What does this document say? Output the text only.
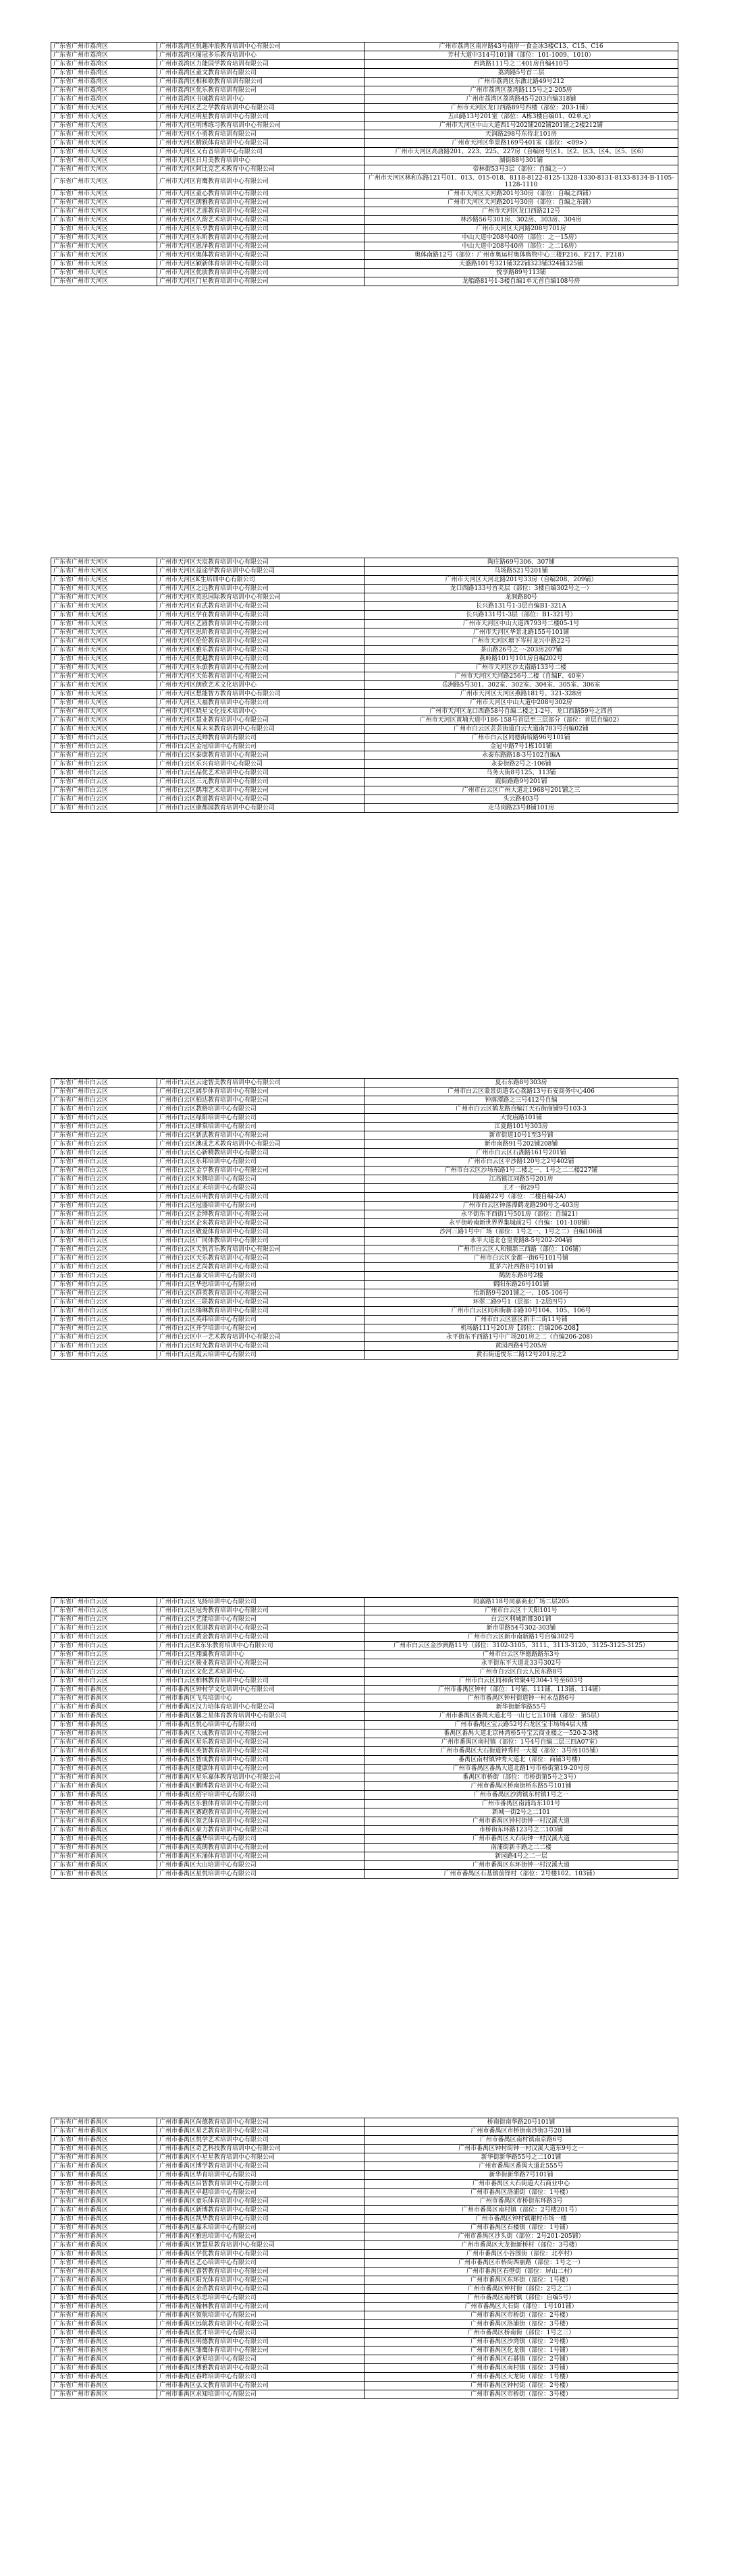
广东省广州市荔湾区	广州市荔湾区悦趣冲浪教育培训中心有限公司	广州市荔湾区南岸路43号南岸一食金冰3楼C13、C15、C16
广东省广州市荔湾区	广州市荔湾区图冠多乐教育培训中心	芳村大道中314号101铺（部位：101-1009、1010）
广东省广州市荔湾区	广州市荔湾区力能国学教育培训有限公司	西湾路111号之二401房自编410号
广东省广州市荔湾区	广州市荔湾区童文教育培训有限公司	荔湾路5号首二层
广东省广州市荔湾区	广州市荔湾区相和歌教育培训有限公司	广州市荔湾区东漖北路49号212
广东省广州市荔湾区	广州市荔湾区优乐教育培训有限公司	广州市荔湾区荔湾路115号之2-205房
广东省广州市荔湾区	广州市荔湾区书城教育培训中心	广州市荔湾区荔湾路45号203自编318铺
广东省广州市天河区	广州市天河区艺之学教育培训中心有限公司	广州市天河区龙口西路89号四楼（部位：203-1铺）
广东省广州市天河区	广州市天河区明星教育培训中心有限公司	五山路13号201室（部位：A栋3楼自编01、02单元）
广东省广州市天河区	广州市天河区明博练习教育培训中心有限公司	广州市天河区中山大道西1号202铺202铺201铺之2楼212铺
广东省广州市天河区	广州市天河区小勇教育培训有限公司	天润路298号东侍北101房
广东省广州市天河区	广州市天河区精跃体育培训中心有限公司	广州市天河区华景路169号401室（部位：<09>）
广东省广州市天河区	广州市天河区又有音培训中心有限公司	广州市天河区高唐路201、223、225、227房（自编房号区1、区2、区3、区4、区5、区6）
广东省广州市天河区	广州市天河区日月美教育培训中心	湖街88号301铺
广东省广州市天河区	广州市天河区阿比克艺术教育中心有限公司	帝林街53号3层（部位：自编之一）
广东省广州市天河区	广州市天河区育鹰教育培训中心有限公司	广州市天河区林和东路121号01、013、015-018、8118-8122-8125-1328-1330-8131-8133-8134-B-1105-1128-1110
广东省广州市天河区	广州市天河区童心教育培训中心有限公司	广州市天河区天河路201号30房（部位：自编之西铺）
广东省广州市天河区	广州市天河区朗雅教育培训中心有限公司	广州市天河区天河路201号30房（部位：自编之东铺）
广东省广州市天河区	广州市天河区艺莲教育培训中心有限公司	广州市天河区龙口西路212号
广东省广州市天河区	广州市天河区久韵艺术培训中心有限公司	林沙路56号301房、302房、303房、304房
广东省广州市天河区	广州市天河区乐享教育培训中心有限公司	广州市天河区天河路208号701房
广东省广州市天河区	广州市天河区乐昕教育培训中心有限公司	中山大道中208号40房（部位：之一15房）
广东省广州市天河区	广州市天河区恩泽教育培训中心有限公司	中山大道中208号40房（部位：之二16房）
广东省广州市天河区	广州市天河区奥体教育培训中心有限公司	奥体南路12号（部位：广州市奥运村奥体购物中心三楼F216、F217、F218）
广东省广州市天河区	广州市天河区颖新体育培训中心有限公司	天盛路101号321铺322铺323铺324铺325铺
广东省广州市天河区	广州市天河区优质教育培训中心有限公司	悦享路89号113铺
广东省广州市天河区	广州市天河区门星教育培训中心有限公司	龙船路81号1-3楼自编1单元首自编108号房
广东省广州市天河区	广州市天河区天宸教育培训中心有限公司	陶庄路69号306、307铺
广东省广州市天河区	广州市天河区益途学教育培训中心有限公司	马场路521号201铺
广东省广州市天河区	广州市天河区K生培训中心有限公司	广州市天河区天河北路201号33房（自编208、209铺）
广东省广州市天河区	广州市天河区之远教育培训中心有限公司	龙口西路133号首夹层（部位：3楼自编302号之一）
广东省广州市天河区	广州市天河区英思国际教育培训中心有限公司	龙洞路80号
广东省广州市天河区	广州市天河区育武教育培训中心有限公司	长兴路131号1-3层自编B1-321A
广东省广州市天河区	广州市天河区学在教育培训中心有限公司	长兴路131号1-3层（部位：B1-321号）
广东省广州市天河区	广州市天河区艺圆教育培训中心有限公司	广州市天河区中山大道西793号二楼05-1号
广东省广州市天河区	广州市天河区思阶教育培训中心有限公司	广州市天河区华景北路155号101铺
广东省广州市天河区	广州市天河区伦伦教育培训中心有限公司	广州市天河区塘下岑村龙兴中路22号
广东省广州市天河区	广州市天河区雅乐教育培训中心有限公司	茶山路26号之一-203房207铺
广东省广州市天河区	广州市天河区优越教育培训中心有限公司	燕岭路101号101房自编202号
广东省广州市天河区	广州市天河区乐旅教育培训中心有限公司	广州市天河区沙太南路133号二楼
广东省广州市天河区	广州市天河区天佑教育培训中心有限公司	广州市天河区天河路256号二楼（自编F、40室）
广东省广州市天河区	广州市天河区朗欣艺术文化培训中心	岳洲路5号301、302室、302室、304室、305室、306室
广东省广州市天河区	广州市天河区想能智方教育培训中心有限公司	广州市天河区天河区燕路181号、321-328房
广东省广州市天河区	广州市天河区天福教育培训中心有限公司	广州市天河区中山大道中208号302房
广东省广州市天河区	广州市天河区晓星文化技术培训中心	广州市天河区龙口西路58号自编二楼之1-2号、龙口西路59号之四首
广东省广州市天河区	广州市天河区慧业教育培训中心有限公司	广州市天河区黄埔大道中186-158号首层至三层部分（部位：首层自编02）
广东省广州市天河区	广州市天河区易未来教育培训中心有限公司	广州市白云区芸芸街道白云大道南783号自编02铺
广东省广州市白云区	广州市白云区美帅教育培训有限公司	广州市白云区同德街培路96号101铺
广东省广州市白云区	广州市白云区金冠培训中心有限公司	金冠中路7号1栋101铺
广东省广州市白云区	广州市白云区泰康教育培训中心有限公司	永泰东路路18-3号102自编A
广东省广州市白云区	广州市白云区乐兴育培训中心有限公司	永泰街路2号之-106铺
广东省广州市白云区	广州市白云区品优艺术培训中心有限公司	马务大街8号125、113铺
广东省广州市白云区	广州市白云区三元教育培训中心有限公司	霞街路路9号201铺
广东省广州市白云区	广州市白云区鹤翔艺术培训中心有限公司	广州市白云区广州大道北1968号201铺之三
广东省广州市白云区	广州市白云区教道教育培训中心有限公司	头云路403号
广东省广州市白云区	广州市白云区康都园教育培训中心有限公司	走马岗路23号B铺101房
广东省广州市白云区	广州市白云区云途智美教育培训中心有限公司	夏石东路8号303房
广东省广州市白云区	广州市白云区阔步体育培训中心有限公司	广州市白云区蒙景街道名心荔路13号石安商务中心406
广东省广州市白云区	广州市白云区柏达教育培训中心有限公司	钟落潭路之三号412号自编
广东省广州市白云区	广州市白云区教格培训中心有限公司	广州市白云区鹤龙路自编江天石街商铺9号103-3
广东省广州市白云区	广州市白云区绿阳培训中心有限公司	大瓮庙路101铺
广东省广州市白云区	广州市白云区肆棠培训中心有限公司	江夏路101号303房
广东省广州市白云区	广州市白云区新武教育培训中心有限公司	新市街道10号1至3号铺
广东省广州市白云区	广州市白云区澳成艺术教育培训中心有限公司	新市南路91号202铺208铺
广东省广州市白云区	广州市白云区心新精教培训中心有限公司	广州市白云区石湖路161号201铺
广东省广州市白云区	广州市白云区乐邦培训中心有限公司	广州市白云区平沙路120号之2号402铺
广东省广州市白云区	广州市白云区金亨教育培训中心有限公司	广州市白云区沙场东路1号二楼之一、1号之二二楼227铺
广东省广州市白云区	广州市白云区米牌培训中心有限公司	江高镇江同路5号201房
广东省广州市白云区	广州市白云区正禾培训中心有限公司	王才一街29号
广东省广州市白云区	广州市白云区启明教育培训中心有限公司	同嘉路22号（部位：二楼自编-2A）
广东省广州市白云区	广州市白云区冠盛培训中心有限公司	广州市白云区钟落潭鹤龙路290号之-403房
广东省广州市白云区	广州市白云区金绅教育培训中心有限公司	永平街东平西街1号501房（部位：自编21）
广东省广州市白云区	广州市白云区企来教育培训中心有限公司	永平街岭南新世界界集城前2号（自编：101-108铺）
广东省广州市白云区	广州市白云区敬爱体育培训中心有限公司	沙河三路1号中广场（部位：1号之一、1号之二）自编106铺
广东省广州市白云区	广州市白云区广同体教培训中心有限公司	永平大道北仓皇瓷路8-5号202-204铺
广东省广州市白云区	广州市白云区天悦音乐教育培训中心有限公司	广州市白云区人和镇新三西路（部位：106铺）
广东省广州市白云区	广州市白云区天乐教育培训中心有限公司	广州市白云区金都一街6号101号铺
广东省广州市白云区	广州市白云区艺尚教育培训中心有限公司	夏茅六社西路8号101铺
广东省广州市白云区	广州市白云区嘉文培训中心有限公司	鹤防东路8号2楼
广东省广州市白云区	广州市白云区华思培训中心有限公司	鹤阳东路26号101铺
广东省广州市白云区	广州市白云区群英教育培训中心有限公司	怡新路9号201铺之一、105-106号
广东省广州市白云区	广州市白云区三联教育培训中心有限公司	环翠二路9号1（层部：1-2层四号）
广东省广州市白云区	广州市白云区瑞琳教育培训中心有限公司	广州市白云区同和街新丰路10号104、105、106号
广东省广州市白云区	广州市白云区英纬培训中心有限公司	广州市白云区富区新丰二街11号铺
广东省广州市白云区	广州市白云区开学培训中心有限公司	机场路111号201房【部位：自编206-208】
广东省广州市白云区	广州市白云区中一艺术教育培训中心有限公司	永平街东平西路1号中广场201房之二（自编206-208）
广东省广州市白云区	广州市白云区时光教育培训中心有限公司	黄园西路4号205房
广东省广州市白云区	广州市白云区霞云培训中心有限公司	黄石街道悦东二路12号201房之2
广东省广州市白云区	广州市白云区飞扬培训中心有限公司	同嘉路118号同嘉商业广场二层205
广东省广州市白云区	广州市白云区冠秀教育培训中心有限公司	广州市白云区十天阳101号
广东省广州市白云区	广州市白云区艺能培训中心有限公司	白云区利城新都301铺
广东省广州市白云区	广州市白云区优谱教育培训中心有限公司	新市里路54号302-303铺
广东省广州市白云区	广州市白云区黄金教育培训中心有限公司	广州市白云区新市南新路1号自编302号
广东省广州市白云区	广州市白云区E东乐教育培训中心有限公司	广州市白云区金沙洲路11号（部位：3102-3105、3111、3113-3120、3125-3125-3125）
广东省广州市白云区	广州市白云区翔翼教育培训中心	广州市白云区华德路路东3号
广东省广州市白云区	广州市白云区骏业教育培训中心有限公司	永平街东平大道北33号302号
广东省广州市白云区	广州市白云区文化艺术培训中心	广州市白云区白云人民东路8号
广东省广州市白云区	广州市白云区柏林教育培训中心有限公司	广州市白云区同和街耸聚4号304-1号至603号
广东省广州市番禺区	广州市番禺区钟村学文化培训中心有限公司	广州市番禺区钟村（部位：1号铺、111铺、113铺、114铺）
广东省广州市番禺区	广州市番禺区飞鸟培训中心	广州市番禺区钟村街道钟一村永益路6号
广东省广州市番禺区	广州市番禺区汉力培体育培训中心有限公司	新华街新华路55号
广东省广州市番禺区	广州市番禺区馨之星体育教育培训中心有限公司	广州市番禺区番禺大道北号一山七七五10铺（部位：第5层）
广东省广州市番禺区	广州市番禺区悦心培训中心有限公司	广州市番禺区宝云路52号石龙区宝丰场场4层大楼
广东省广州市番禺区	广州市番禺区大成教育培训中心有限公司	番禺区番禺大道北京林湾桥5号宝云商业楼之一520-2-3楼
广东省广州市番禺区	广州市番禺区星乐教育培训中心有限公司	广州市番禺区南村镇（部位：1号4号自编二层三四A07室）
广东省广州市番禺区	广州市番禺区英智教育培训中心有限公司	广州市番禺区大石街道钟秀村一大厦（部位：3号房105铺）
广东省广州市番禺区	广州市番禺区智成教育培训中心有限公司	番禺区南村镇钟秀大道北（部位：商铺3号楼）
广东省广州市番禺区	广州市番禺区健康体育培训中心有限公司	广州市番禺区番禺大道北路1号市桥街第19-20号房
广东省广州市番禺区	广州市番禺区星乐嘉体教育培训中心有限公司	番禺区市桥街（部位：市桥街第5号之3号）
广东省广州市番禺区	广州市番禺区鹏博教育培训中心有限公司	广州市番禺区桥南街桥东路5号101铺
广东省广州市番禺区	广州市番禺区绍宇培训中心有限公司	广州市番禺区沙湾镇东村镇1号之一
广东省广州市番禺区	广州市番禺区乐雅体育培训中心有限公司	广州市番禺区南浦岛东101号
广东省广州市番禺区	广州市番禺区赛跑教育培训中心有限公司	新城一街2号之二101
广东省广州市番禺区	广州市番禺区领艺体育培训中心有限公司	广州市番禺区钟村街钟一村汉溪大道
广东省广州市番禺区	广州市番禺区豪力教育培训中心有限公司	市桥街东环路123号之二103铺
广东省广州市番禺区	广州市番禺区鑫华培训中心有限公司	广州市番禺区大石街钟一村汉溪大道
广东省广州市番禺区	广州市番禺区英朗教育培训中心有限公司	南浦街新丰路之二二楼
广东省广州市番禺区	广州市番禺区东涌体育培训中心有限公司	新园路4号之二一层
广东省广州市番禺区	广州市番禺区大山培训中心有限公司	广州市番禺区东环街钟一村汉溪大道
广东省广州市番禺区	广州市番禺区星悦培训中心有限公司	广州市番禺区石基镇前锋村（部位：2号楼102、103铺）
广东省广州市番禺区	广州市番禺区尚德教育培训中心有限公司	桥南街南华路20号101铺
广东省广州市番禺区	广州市番禺区星艺教育培训中心有限公司	广州市番禺区市桥街南沙街3号201铺
广东省广州市番禺区	广州市番禺区悦学艺术培训中心有限公司	广州市番禺区南村镇南京路6号
广东省广州市番禺区	广州市番禺区奇艺科技教育培训中心有限公司	广州市番禺区钟村街钟一村汉溪大道东9号之一
广东省广州市番禺区	广州市番禺区小星星教育培训中心有限公司	新华街新华路55号之二101铺
广东省广州市番禺区	广州市番禺区博学教育培训中心有限公司	广州市番禺区番禺大道北555号
广东省广州市番禺区	广州市番禺区华育培训中心有限公司	新华街新华路7号101铺
广东省广州市番禺区	广州市番禺区启智教育培训中心有限公司	广州市番禺区大石街道大石商业中心
广东省广州市番禺区	广州市番禺区卓越培训中心有限公司	广州市番禺区洛浦街（部位：1号楼）
广东省广州市番禺区	广州市番禺区童乐体育培训中心有限公司	广州市番禺区市桥街东环路3号
广东省广州市番禺区	广州市番禺区新博教育培训中心有限公司	广州市番禺区南村镇（部位：2号楼201号）
广东省广州市番禺区	广州市番禺区凯华教育培训中心有限公司	广州市番禺区钟村镇谢村市场一楼
广东省广州市番禺区	广州市番禺区嘉禾培训中心有限公司	广州市番禺区石楼镇（部位：1号铺）
广东省广州市番禺区	广州市番禺区雅思培训中心有限公司	广州市番禺区沙头街（部位：2号201-205铺）
广东省广州市番禺区	广州市番禺区智慧星教育培训中心有限公司	广州市番禺区大龙街新桥村（部位：3号楼）
广东省广州市番禺区	广州市番禺区学优教育培训中心有限公司	广州市番禺区小谷围街（部位：北亭村）
广东省广州市番禺区	广州市番禺区艺心培训中心有限公司	广州市番禺区市桥街西丽路（部位：1号之一）
广东省广州市番禺区	广州市番禺区睿智教育培训中心有限公司	广州市番禺区石壁街（部位：屏山二村）
广东省广州市番禺区	广州市番禺区阳光体育培训中心有限公司	广州市番禺区东环街（部位：1号楼）
广东省广州市番禺区	广州市番禺区金苗教育培训中心有限公司	广州市番禺区钟村街（部位：2号之二）
广东省广州市番禺区	广州市番禺区乐思培训中心有限公司	广州市番禺区南村镇（部位：自编5号）
广东省广州市番禺区	广州市番禺区翰林教育培训中心有限公司	广州市番禺区大石街（部位：1号101铺）
广东省广州市番禺区	广州市番禺区领航培训中心有限公司	广州市番禺区市桥街（部位：2号楼）
广东省广州市番禺区	广州市番禺区远航教育培训中心有限公司	广州市番禺区洛浦街（部位：3号楼）
广东省广州市番禺区	广州市番禺区优才培训中心有限公司	广州市番禺区桥南街（部位：1号之三）
广东省广州市番禺区	广州市番禺区明德教育培训中心有限公司	广州市番禺区沙湾镇（部位：2号楼）
广东省广州市番禺区	广州市番禺区雏鹰体育培训中心有限公司	广州市番禺区化龙镇（部位：1号铺）
广东省广州市番禺区	广州市番禺区新星培训中心有限公司	广州市番禺区石碁镇（部位：2号铺）
广东省广州市番禺区	广州市番禺区博雅教育培训中心有限公司	广州市番禺区南村镇（部位：3号铺）
广东省广州市番禺区	广州市番禺区春晖培训中心有限公司	广州市番禺区大龙街（部位：1号楼）
广东省广州市番禺区	广州市番禺区弘文教育培训中心有限公司	广州市番禺区钟村街（部位：2号楼）
广东省广州市番禺区	广州市番禺区求知培训中心有限公司	广州市番禺区市桥街（部位：3号楼）
